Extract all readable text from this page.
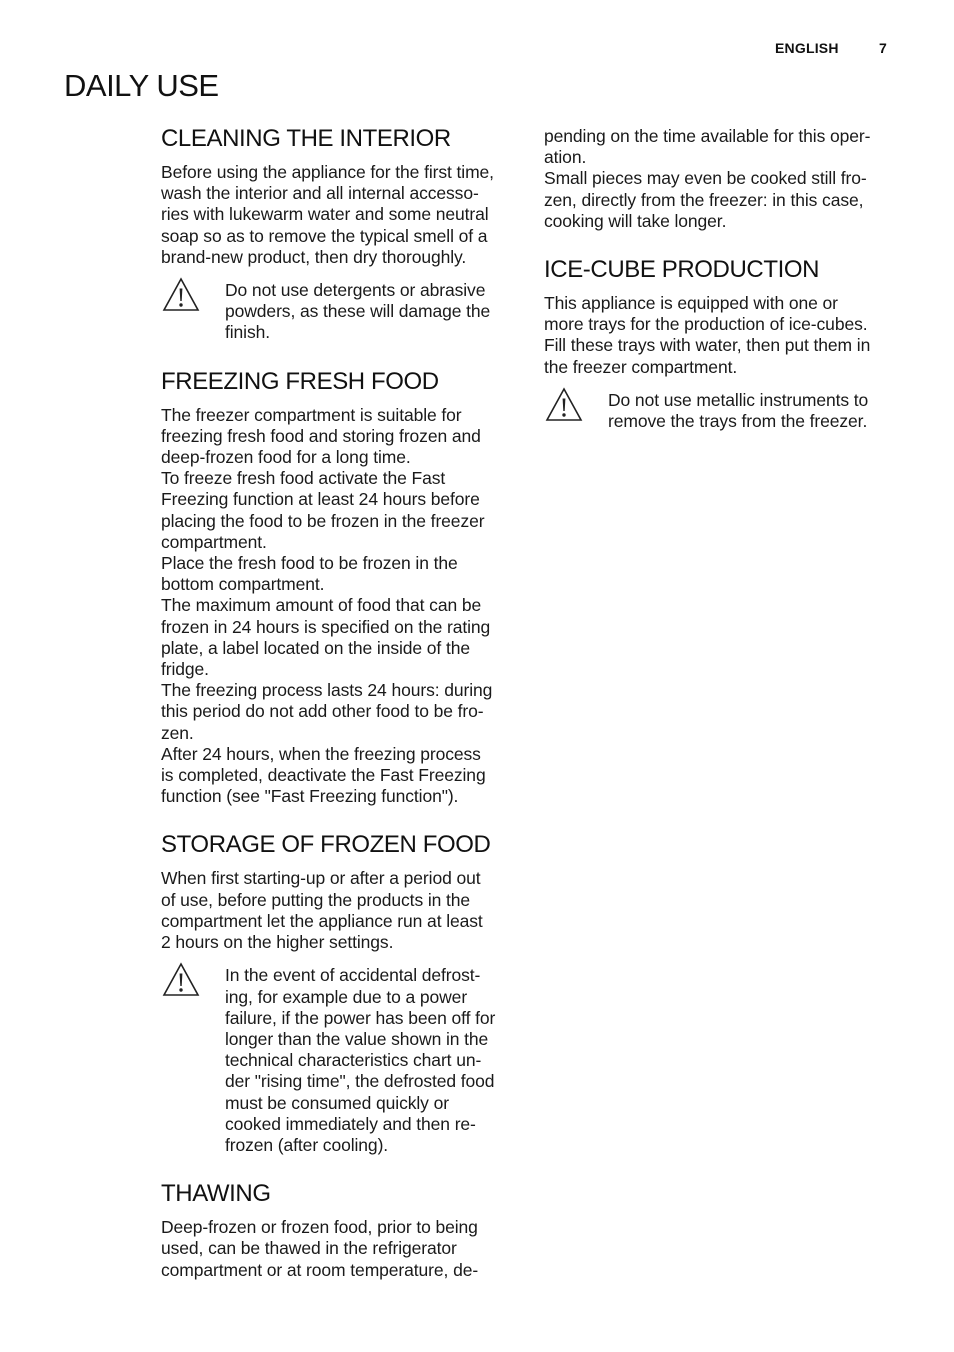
ENGLISH	7
DAILY USE
CLEANING THE INTERIOR

Before using the appliance for the first time,
wash the interior and all internal accesso-
ries with lukewarm water and some neutral
soap so as to remove the typical smell of a
brand-new product, then dry thoroughly.

Do not use detergents or abrasive
powders, as these will damage the
finish.

FREEZING FRESH FOOD

The freezer compartment is suitable for
freezing fresh food and storing frozen and
deep-frozen food for a long time.
To freeze fresh food activate the Fast
Freezing function at least 24 hours before
placing the food to be frozen in the freezer
compartment.
Place the fresh food to be frozen in the
bottom compartment.
The maximum amount of food that can be
frozen in 24 hours is specified on the rating
plate, a label located on the inside of the
fridge.
The freezing process lasts 24 hours: during
this period do not add other food to be fro-
zen.
After 24 hours, when the freezing process
is completed, deactivate the Fast Freezing
function (see "Fast Freezing function").

STORAGE OF FROZEN FOOD

When first starting-up or after a period out
of use, before putting the products in the
compartment let the appliance run at least
2 hours on the higher settings.

In the event of accidental defrost-
ing, for example due to a power
failure, if the power has been off for
longer than the value shown in the
technical characteristics chart un-
der "rising time", the defrosted food
must be consumed quickly or
cooked immediately and then re-
frozen (after cooling).

THAWING

Deep-frozen or frozen food, prior to being
used, can be thawed in the refrigerator
compartment or at room temperature, de-

pending on the time available for this oper-
ation.
Small pieces may even be cooked still fro-
zen, directly from the freezer: in this case,
cooking will take longer.

ICE-CUBE PRODUCTION

This appliance is equipped with one or
more trays for the production of ice-cubes.
Fill these trays with water, then put them in
the freezer compartment.

Do not use metallic instruments to
remove the trays from the freezer.
